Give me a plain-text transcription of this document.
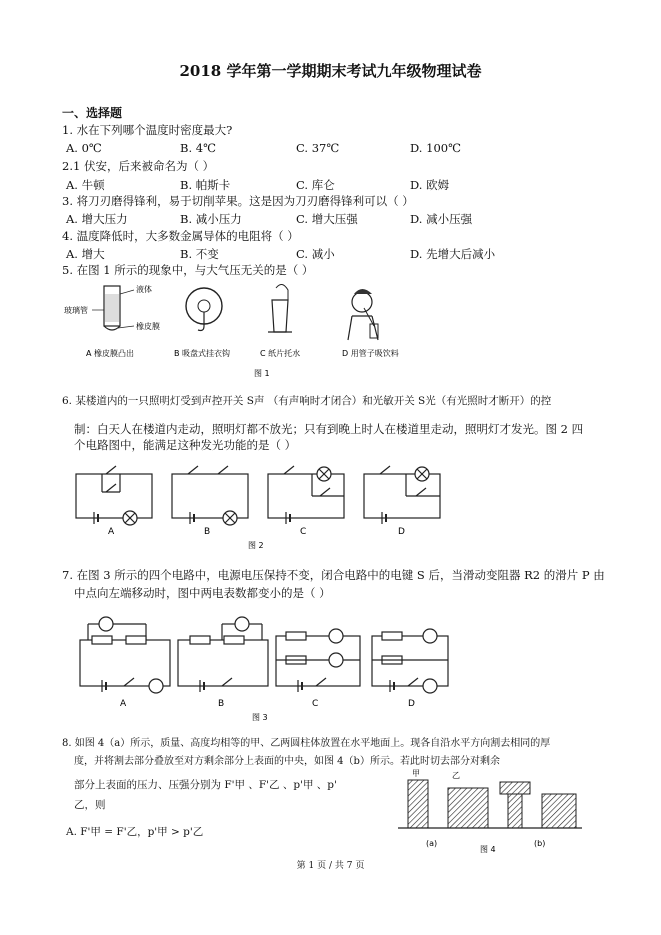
2018 学年第一学期期末考试九年级物理试卷
一、选择题
1. 水在下列哪个温度时密度最大?
A. 0℃	B. 4℃	C. 37℃	D. 100℃
2.1 伏安，后来被命名为（ ）
A. 牛顿	B. 帕斯卡	C. 库仑	D. 欧姆
3. 将刀刃磨得锋利，易于切削苹果。这是因为刀刃磨得锋利可以（ ）
A. 增大压力	B. 减小压力	C. 增大压强	D. 减小压强
4. 温度降低时，大多数金属导体的电阻将（ ）
A. 增大	B. 不变	C. 减小	D. 先增大后减小
5. 在图 1 所示的现象中，与大气压无关的是（ ）
液体
玻璃管
橡皮膜
A 橡皮膜凸出	B 吸盘式挂衣钩	C 纸片托水	D 用管子吸饮料
图 1
6. 某楼道内的一只照明灯受到声控开关 S声 （有声响时才闭合）和光敏开关 S光（有光照时才断开）的控
制：白天人在楼道内走动，照明灯都不放光；只有到晚上时人在楼道里走动，照明灯才发光。图 2 四
个电路图中，能满足这种发光功能的是（ ）
A	B	C	D
图 2
7. 在图 3 所示的四个电路中，电源电压保持不变，闭合电路中的电键 S 后，当滑动变阻器 R2 的滑片 P 由
中点向左端移动时，图中两电表数都变小的是（ ）
A	B	C	D
图 3
8. 如图 4（a）所示，质量、高度均相等的甲、乙两圆柱体放置在水平地面上。现各自沿水平方向割去相同的厚
度，并将割去部分叠放至对方剩余部分上表面的中央，如图 4（b）所示。若此时切去部分对剩余
部分上表面的压力、压强分别为 F'甲 、F'乙 、p'甲 、p'
乙，则
A. F'甲 = F'乙，p'甲 > p'乙
甲	乙
(a)	(b)
图 4
第 1 页 / 共 7 页
